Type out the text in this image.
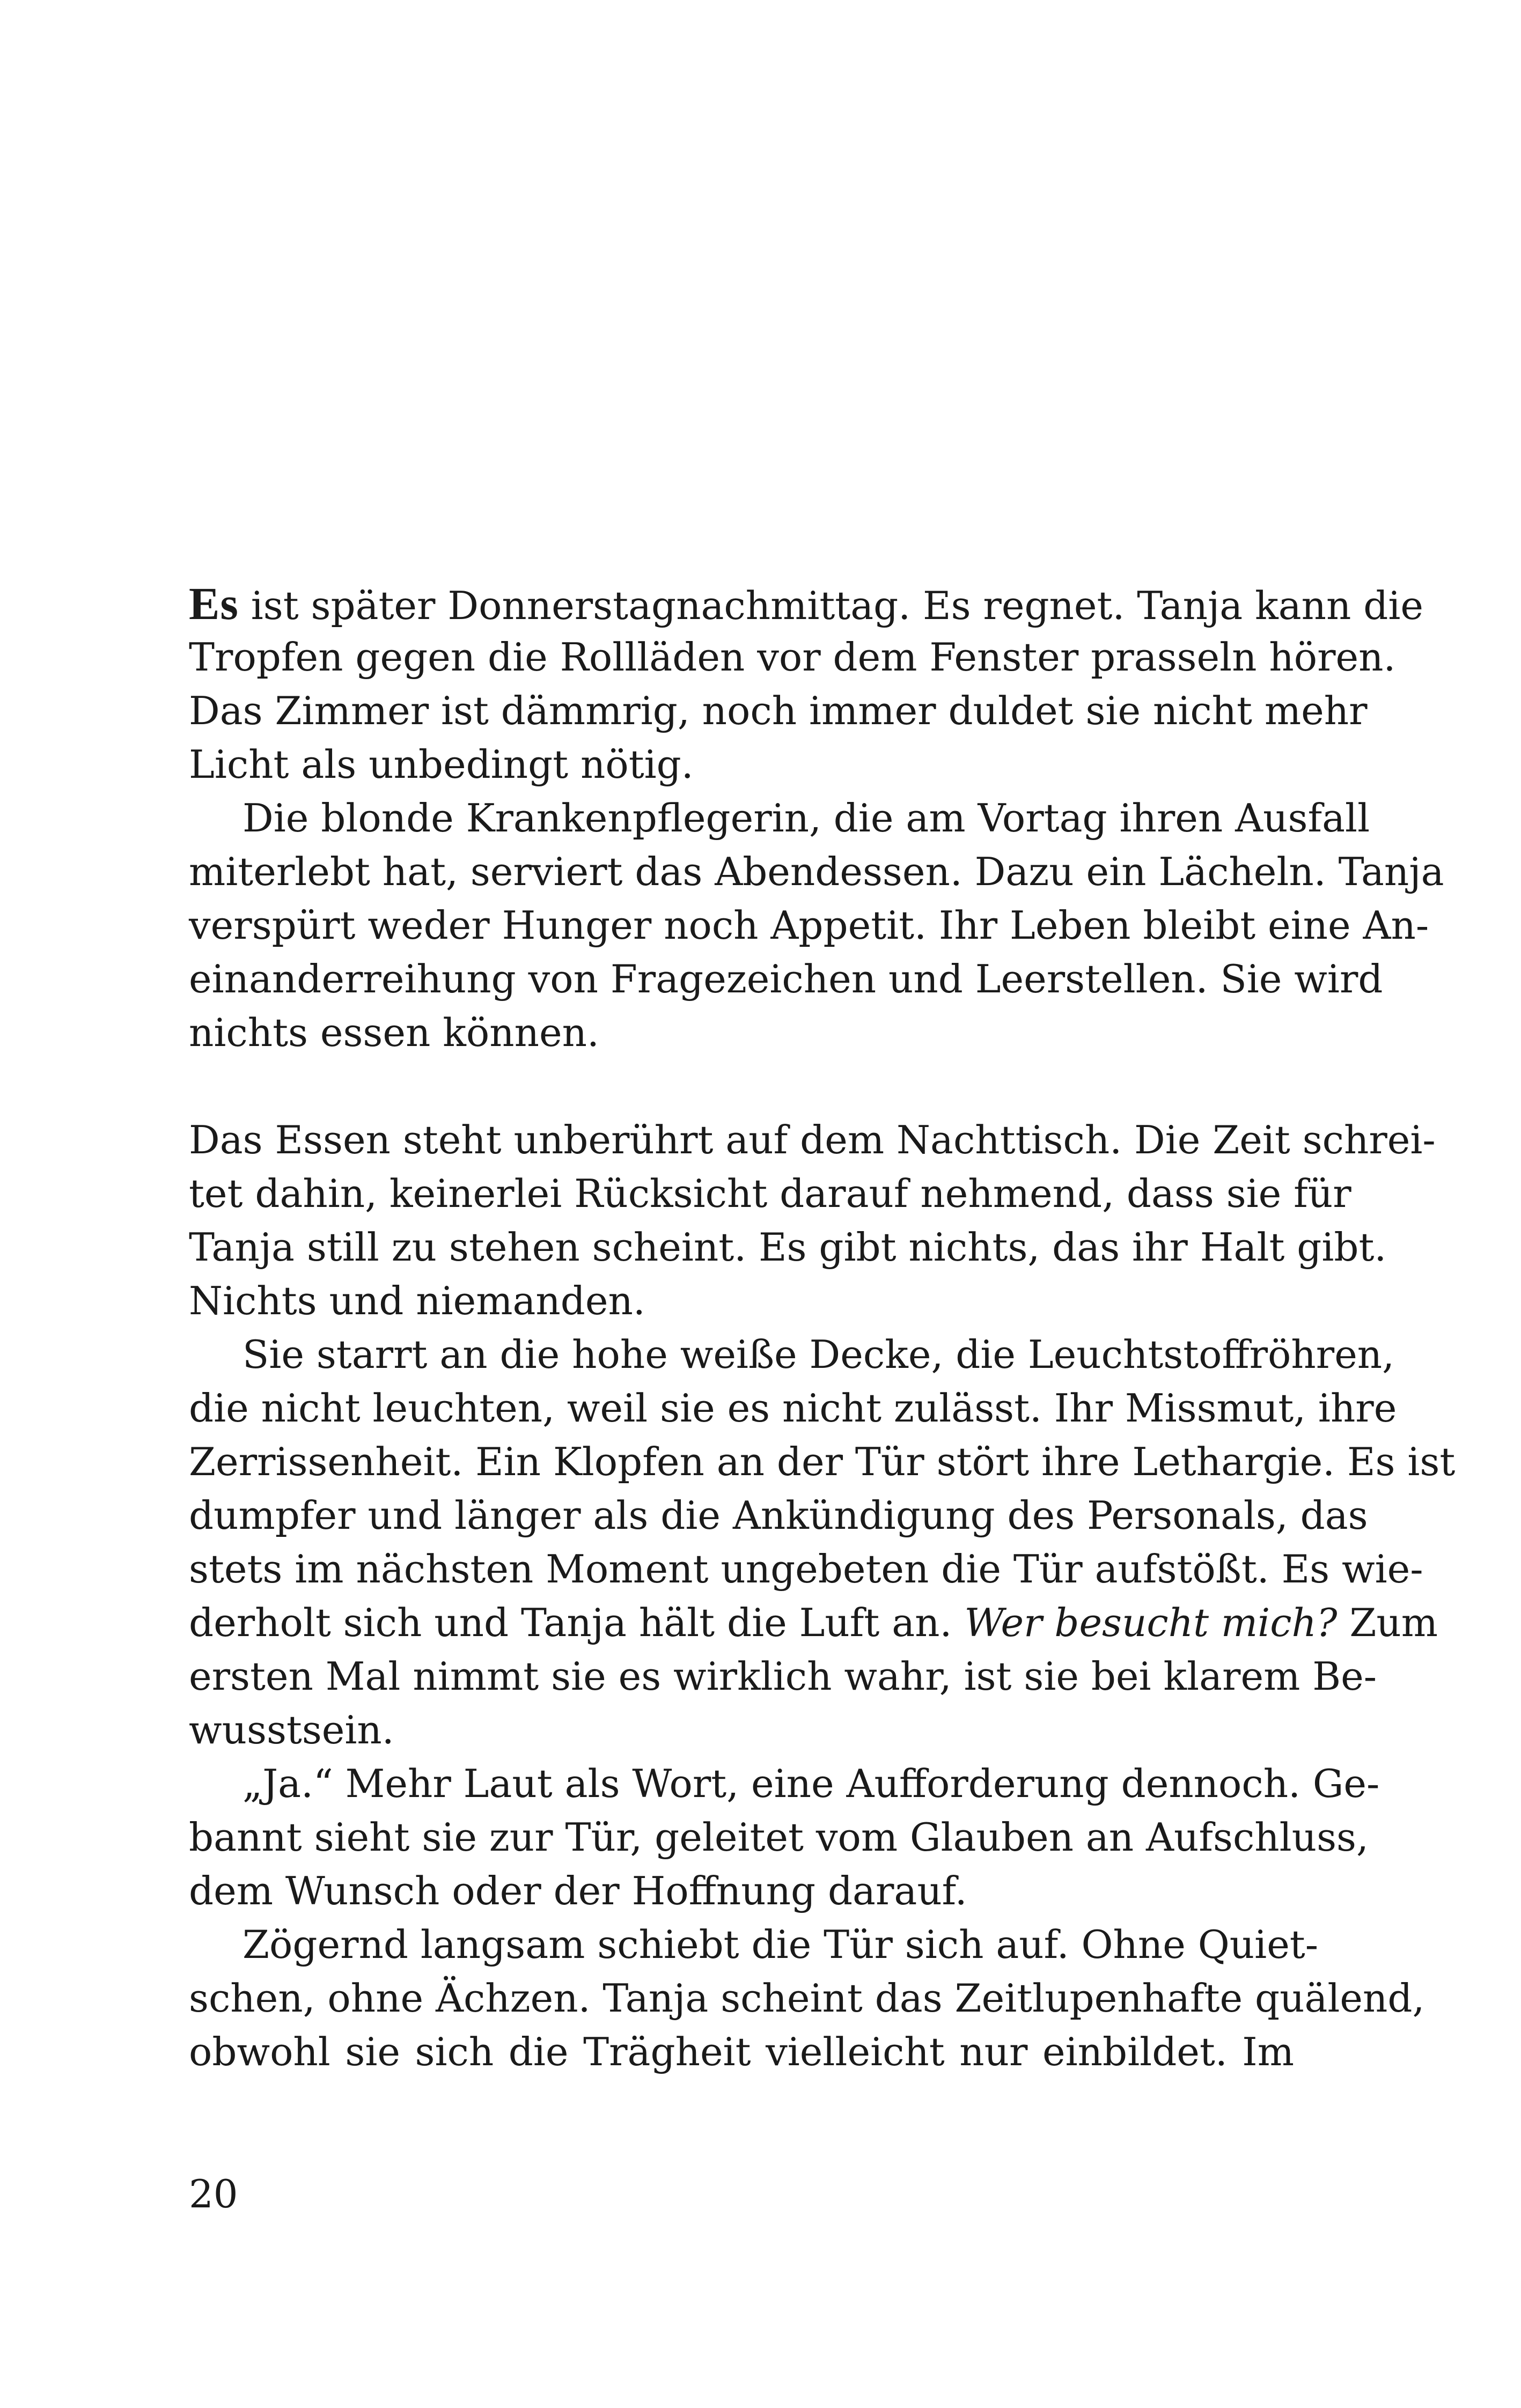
Es ist später Donnerstagnachmittag. Es regnet. Tanja kann die
Tropfen gegen die Rollläden vor dem Fenster prasseln hören.
Das Zimmer ist dämmrig, noch immer duldet sie nicht mehr
Licht als unbedingt nötig.
Die blonde Krankenpflegerin, die am Vortag ihren Ausfall
miterlebt hat, serviert das Abendessen. Dazu ein Lächeln. Tanja
verspürt weder Hunger noch Appetit. Ihr Leben bleibt eine An-
einanderreihung von Fragezeichen und Leerstellen. Sie wird
nichts essen können.
Das Essen steht unberührt auf dem Nachttisch. Die Zeit schrei-
tet dahin, keinerlei Rücksicht darauf nehmend, dass sie für
Tanja still zu stehen scheint. Es gibt nichts, das ihr Halt gibt.
Nichts und niemanden.
Sie starrt an die hohe weiße Decke, die Leuchtstoffröhren,
die nicht leuchten, weil sie es nicht zulässt. Ihr Missmut, ihre
Zerrissenheit. Ein Klopfen an der Tür stört ihre Lethargie. Es ist
dumpfer und länger als die Ankündigung des Personals, das
stets im nächsten Moment ungebeten die Tür aufstößt. Es wie-
derholt sich und Tanja hält die Luft an. Wer besucht mich? Zum
ersten Mal nimmt sie es wirklich wahr, ist sie bei klarem Be-
wusstsein.
„Ja.“ Mehr Laut als Wort, eine Aufforderung dennoch. Ge-
bannt sieht sie zur Tür, geleitet vom Glauben an Aufschluss,
dem Wunsch oder der Hoffnung darauf.
Zögernd langsam schiebt die Tür sich auf. Ohne Quiet-
schen, ohne Ächzen. Tanja scheint das Zeitlupenhafte quälend,
obwohl sie sich die Trägheit vielleicht nur einbildet. Im
20
